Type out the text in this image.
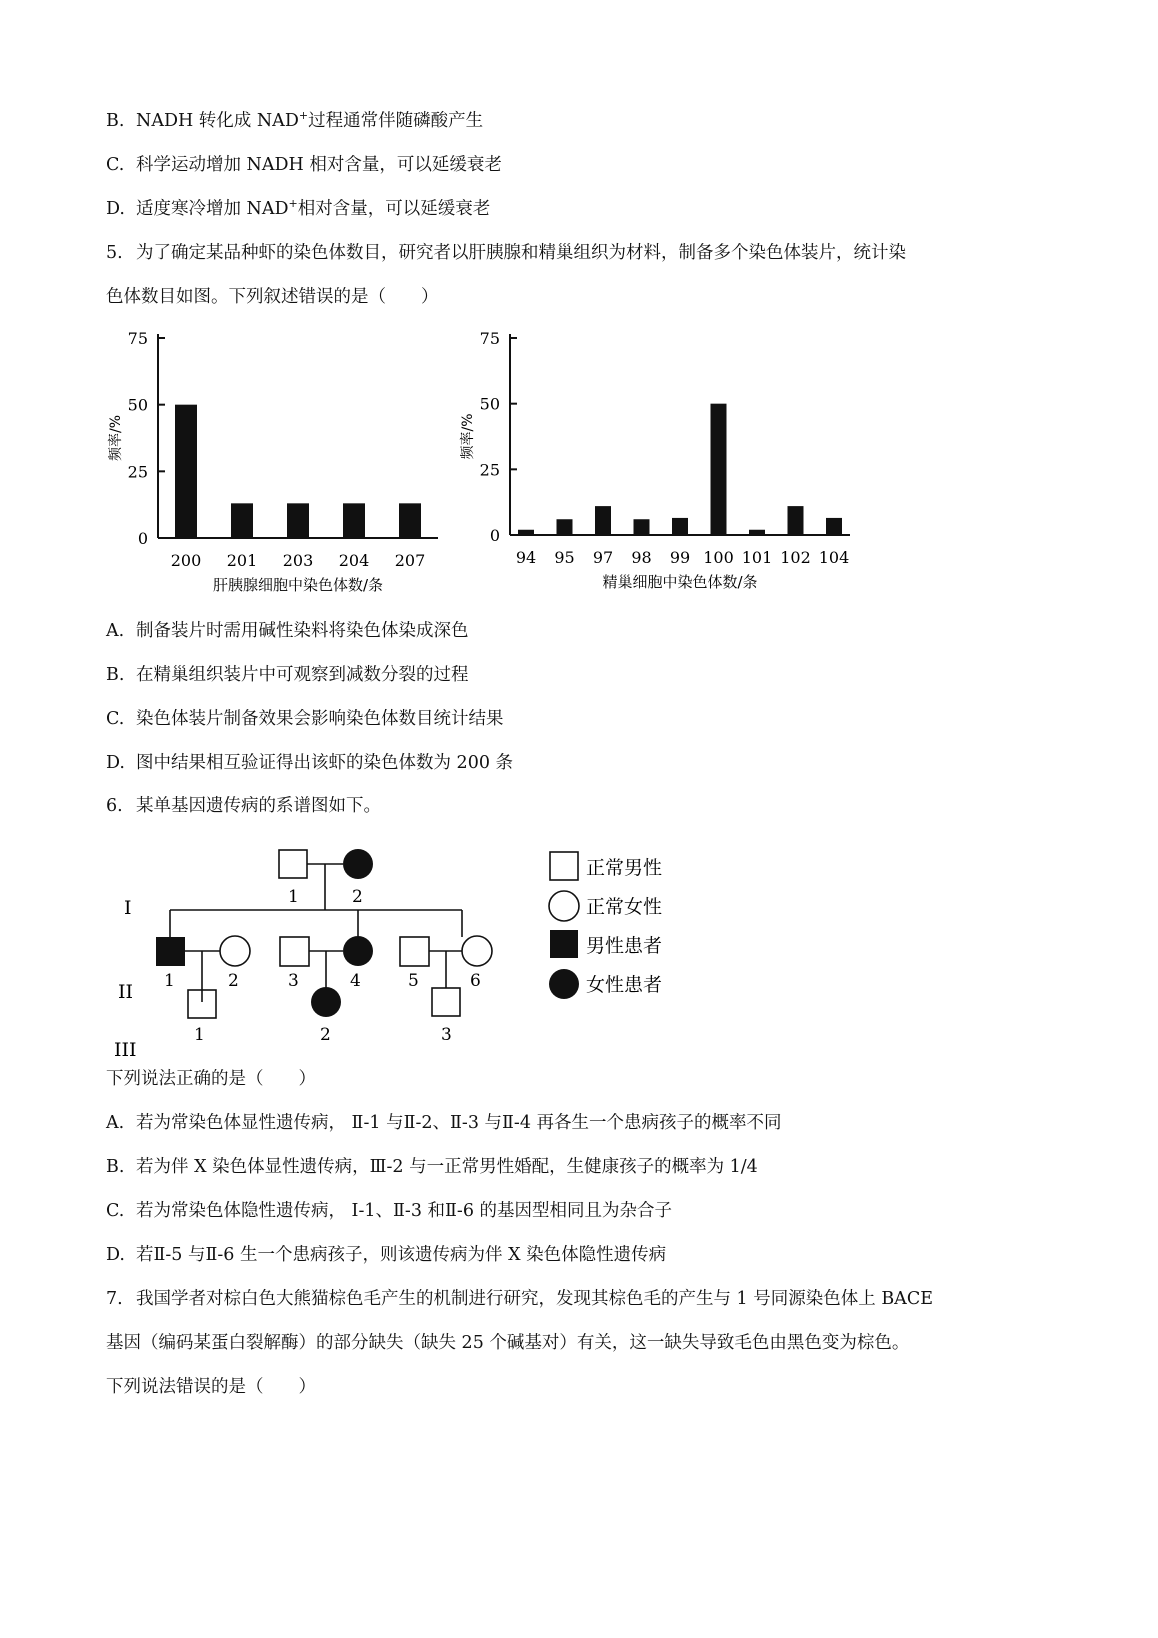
B. NADH 转化成 NAD+过程通常伴随磷酸产生
C. 科学运动增加 NADH 相对含量，可以延缓衰老
D. 适度寒冷增加 NAD+相对含量，可以延缓衰老
5. 为了确定某品种虾的染色体数目，研究者以肝胰腺和精巢组织为材料，制备多个染色体装片，统计染
色体数目如图。下列叙述错误的是（　　）
0
25
50
75
频率/%
200 201 203 204 207
肝胰腺细胞中染色体数/条
0
25
50
75
频率/%
94 95 97 98 99 100 101 102 104
精巢细胞中染色体数/条
A. 制备装片时需用碱性染料将染色体染成深色
B. 在精巢组织装片中可观察到减数分裂的过程
C. 染色体装片制备效果会影响染色体数目统计结果
D. 图中结果相互验证得出该虾的染色体数为 200 条
6. 某单基因遗传病的系谱图如下。
I
II
III
1	2
1	2	3	4	5	6
1	2	3
正常男性
正常女性
男性患者
女性患者
下列说法正确的是（　　）
A. 若为常染色体显性遗传病， Ⅱ-1 与Ⅱ-2、Ⅱ-3 与Ⅱ-4 再各生一个患病孩子的概率不同
B. 若为伴 X 染色体显性遗传病，Ⅲ-2 与一正常男性婚配，生健康孩子的概率为 1/4
C. 若为常染色体隐性遗传病， Ⅰ-1、Ⅱ-3 和Ⅱ-6 的基因型相同且为杂合子
D. 若Ⅱ-5 与Ⅱ-6 生一个患病孩子，则该遗传病为伴 X 染色体隐性遗传病
7. 我国学者对棕白色大熊猫棕色毛产生的机制进行研究，发现其棕色毛的产生与 1 号同源染色体上 BACE
基因（编码某蛋白裂解酶）的部分缺失（缺失 25 个碱基对）有关，这一缺失导致毛色由黑色变为棕色。
下列说法错误的是（　　）
